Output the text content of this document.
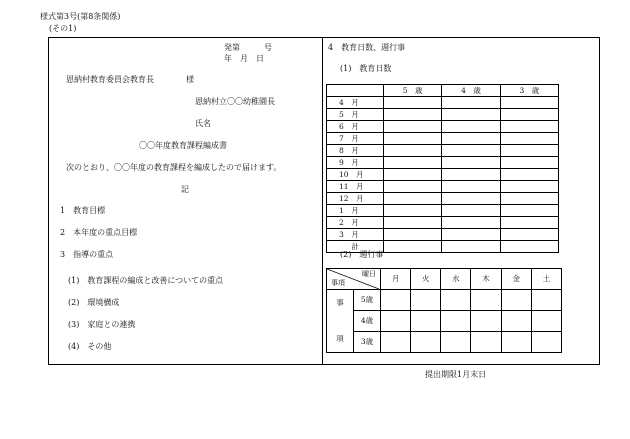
様式第3号(第8条関係)
(その1)
発第　　　号
年　月　日
恩納村教育委員会教育長　　　　様
恩納村立〇〇幼稚園長
氏名
〇〇年度教育課程編成書
次のとおり、〇〇年度の教育課程を編成したので届けます。
記
1　教育目標
2　本年度の重点目標
3　指導の重点
(1)　教育課程の編成と改善についての重点
(2)　環境構成
(3)　家庭との連携
(4)　その他
4　教育日数、週行事
(1)　教育日数
	5　歳	4　歳	3　歳
4　月			
5　月			
6　月			
7　月			
8　月			
9　月			
10　月			
11　月			
12　月			
1　月			
2　月			
3　月			
計			
(2)　週行事
曜日
事項		月	火	水	木	金	土

事
項	5歳						
	4歳						
	3歳						
提出期限1月末日
